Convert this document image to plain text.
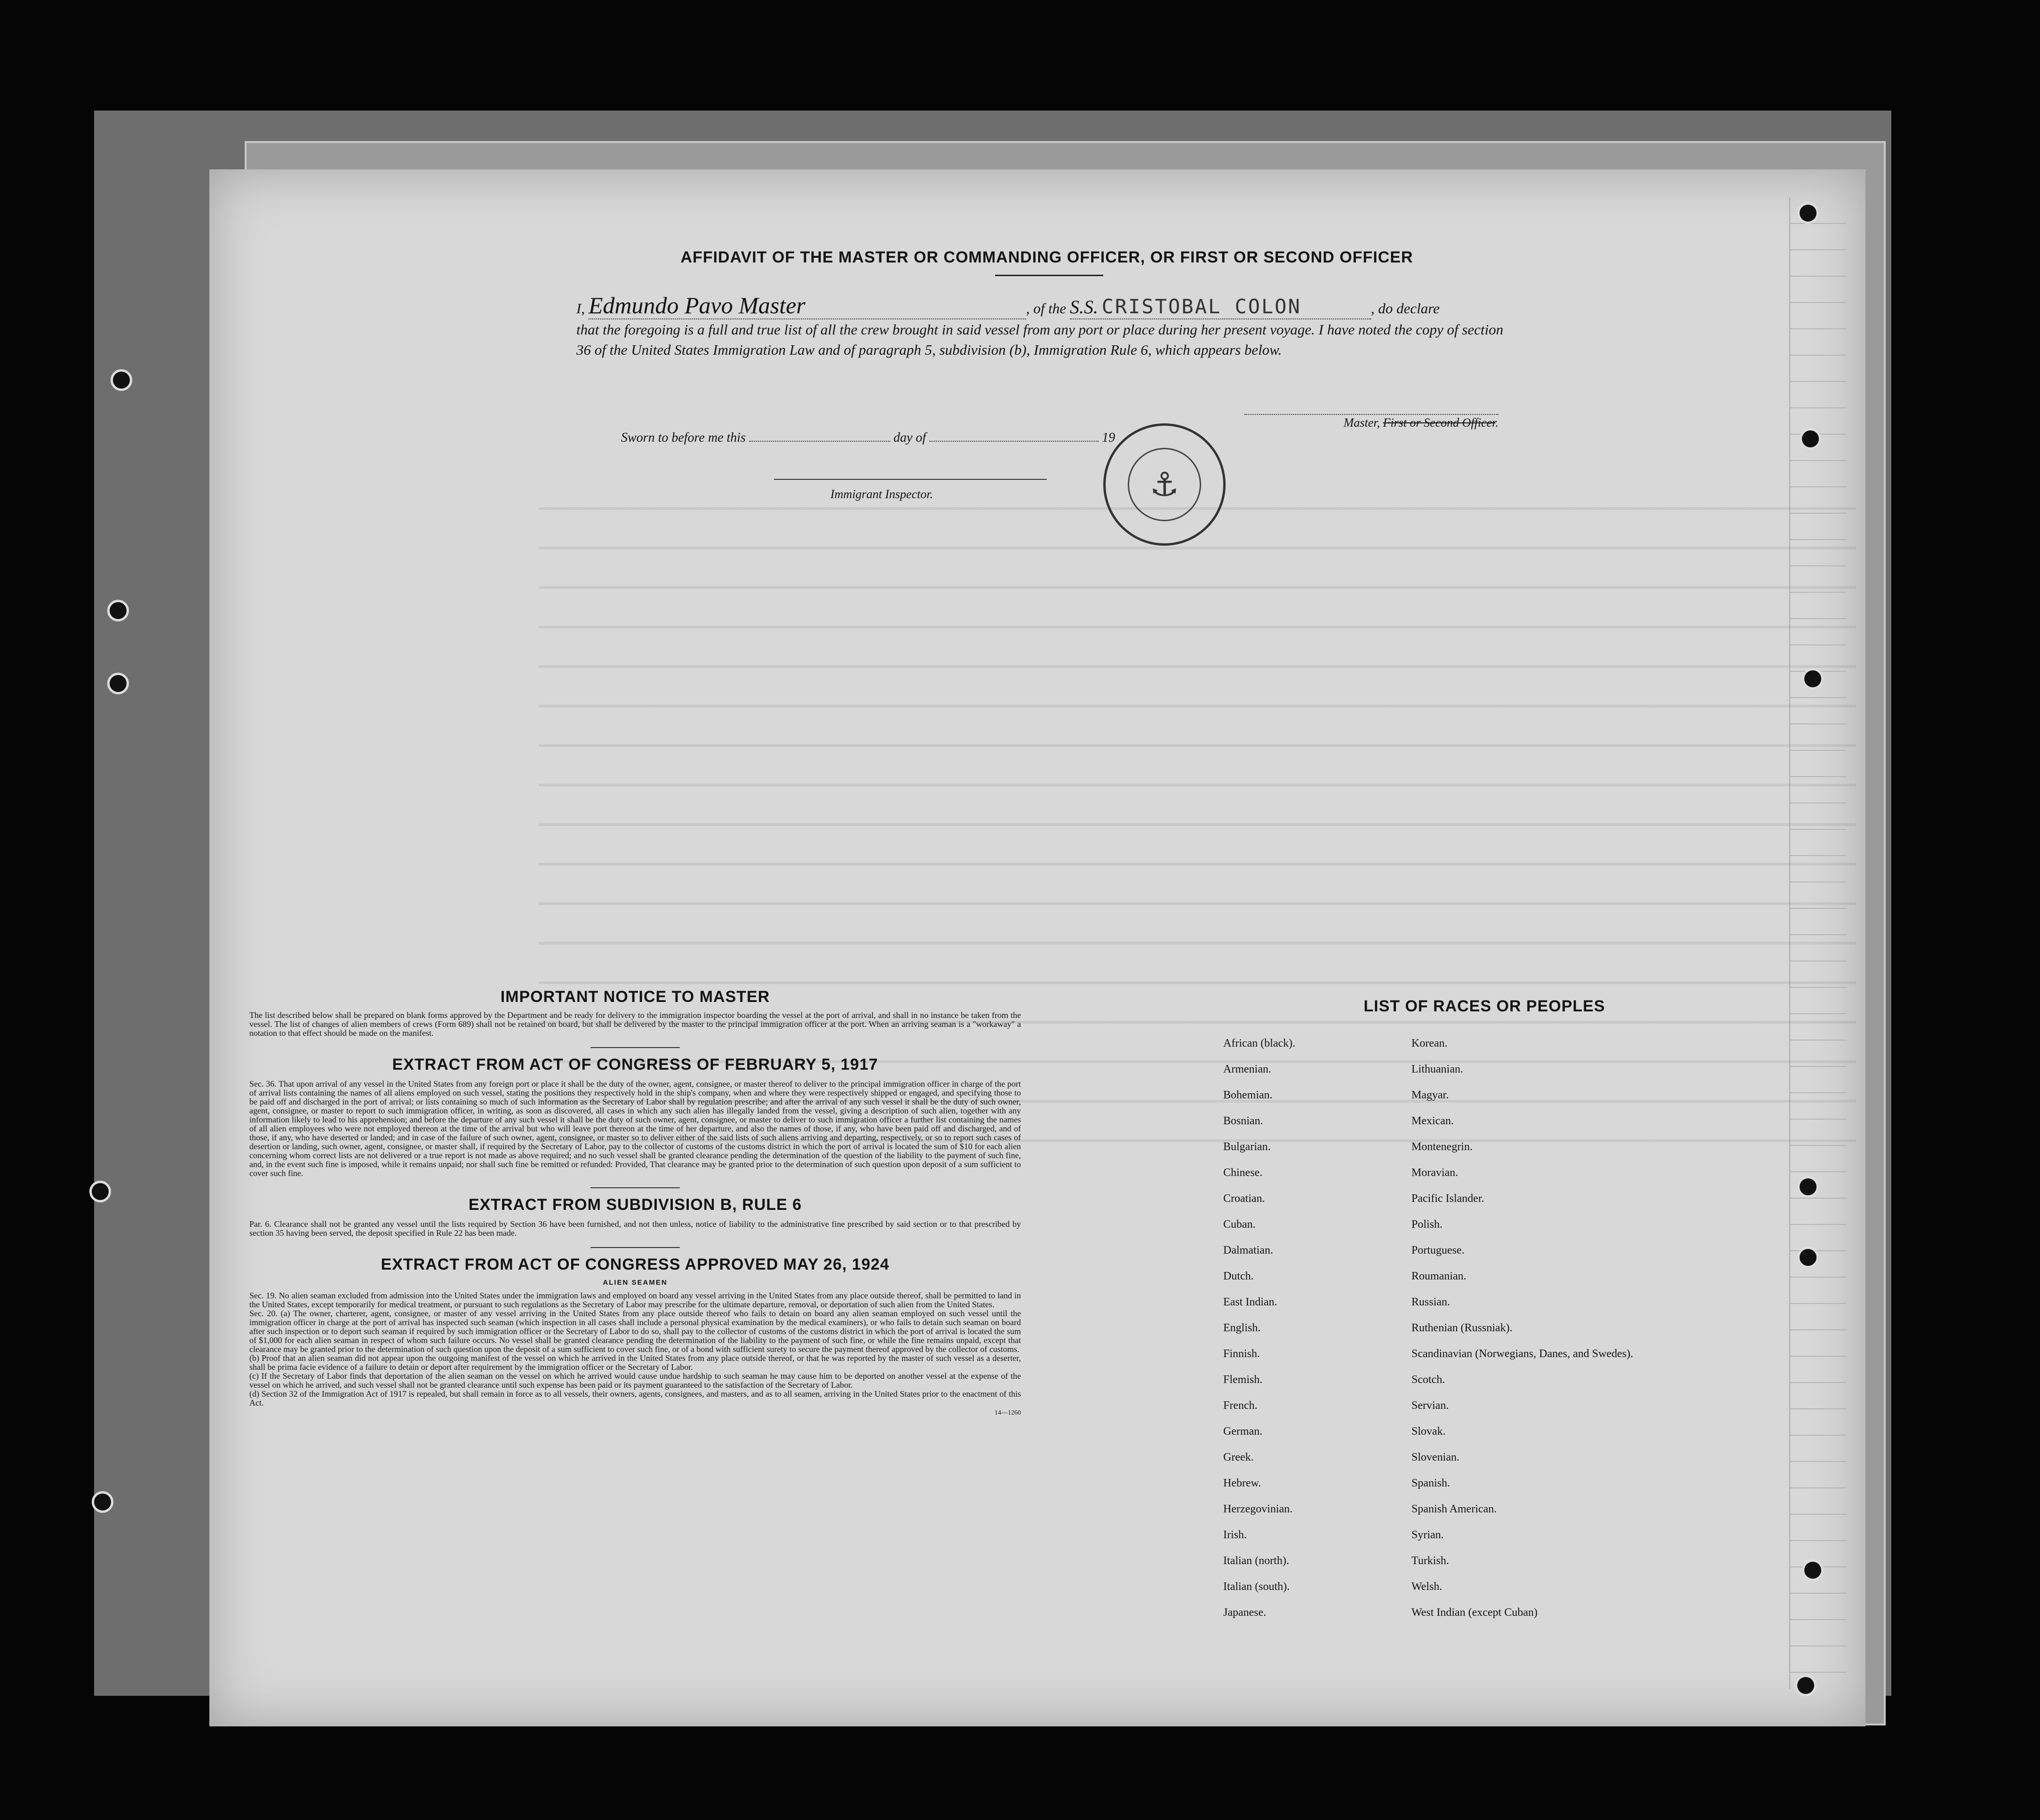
AFFIDAVIT OF THE MASTER OR COMMANDING OFFICER, OR FIRST OR SECOND OFFICER
I, Edmundo Pavo Master	, of the S.S. CRISTOBAL COLON	, do declare
that the foregoing is a full and true list of all the crew brought in said vessel from any port or place during her present voyage. I have noted the copy of section 36 of the United States Immigration Law and of paragraph 5, subdivision (b), Immigration Rule 6, which appears below.
Master, First or Second Officer.
Sworn to before me this	day of	19
⚓
Immigrant Inspector.
IMPORTANT NOTICE TO MASTER

The list described below shall be prepared on blank forms approved by the Department and be ready for delivery to the immigration inspector boarding the vessel at the port of arrival, and shall in no instance be taken from the vessel. The list of changes of alien members of crews (Form 689) shall not be retained on board, but shall be delivered by the master to the principal immigration officer at the port. When an arriving seaman is a "workaway" a notation to that effect should be made on the manifest.

EXTRACT FROM ACT OF CONGRESS OF FEBRUARY 5, 1917

Sec. 36. That upon arrival of any vessel in the United States from any foreign port or place it shall be the duty of the owner, agent, consignee, or master thereof to deliver to the principal immigration officer in charge of the port of arrival lists containing the names of all aliens employed on such vessel, stating the positions they respectively hold in the ship's company, when and where they were respectively shipped or engaged, and specifying those to be paid off and discharged in the port of arrival; or lists containing so much of such information as the Secretary of Labor shall by regulation prescribe; and after the arrival of any such vessel it shall be the duty of such owner, agent, consignee, or master to report to such immigration officer, in writing, as soon as discovered, all cases in which any such alien has illegally landed from the vessel, giving a description of such alien, together with any information likely to lead to his apprehension; and before the departure of any such vessel it shall be the duty of such owner, agent, consignee, or master to deliver to such immigration officer a further list containing the names of all alien employees who were not employed thereon at the time of the arrival but who will leave port thereon at the time of her departure, and also the names of those, if any, who have been paid off and discharged, and of those, if any, who have deserted or landed; and in case of the failure of such owner, agent, consignee, or master so to deliver either of the said lists of such aliens arriving and departing, respectively, or so to report such cases of desertion or landing, such owner, agent, consignee, or master shall, if required by the Secretary of Labor, pay to the collector of customs of the customs district in which the port of arrival is located the sum of $10 for each alien concerning whom correct lists are not delivered or a true report is not made as above required; and no such vessel shall be granted clearance pending the determination of the question of the liability to the payment of such fine, and, in the event such fine is imposed, while it remains unpaid; nor shall such fine be remitted or refunded: Provided, That clearance may be granted prior to the determination of such question upon deposit of a sum sufficient to cover such fine.

EXTRACT FROM SUBDIVISION B, RULE 6

Par. 6. Clearance shall not be granted any vessel until the lists required by Section 36 have been furnished, and not then unless, notice of liability to the administrative fine prescribed by said section or to that prescribed by section 35 having been served, the deposit specified in Rule 22 has been made.

EXTRACT FROM ACT OF CONGRESS APPROVED MAY 26, 1924
ALIEN SEAMEN

Sec. 19. No alien seaman excluded from admission into the United States under the immigration laws and employed on board any vessel arriving in the United States from any place outside thereof, shall be permitted to land in the United States, except temporarily for medical treatment, or pursuant to such regulations as the Secretary of Labor may prescribe for the ultimate departure, removal, or deportation of such alien from the United States.

Sec. 20. (a) The owner, charterer, agent, consignee, or master of any vessel arriving in the United States from any place outside thereof who fails to detain on board any alien seaman employed on such vessel until the immigration officer in charge at the port of arrival has inspected such seaman (which inspection in all cases shall include a personal physical examination by the medical examiners), or who fails to detain such seaman on board after such inspection or to deport such seaman if required by such immigration officer or the Secretary of Labor to do so, shall pay to the collector of customs of the customs district in which the port of arrival is located the sum of $1,000 for each alien seaman in respect of whom such failure occurs. No vessel shall be granted clearance pending the determination of the liability to the payment of such fine, or while the fine remains unpaid, except that clearance may be granted prior to the determination of such question upon the deposit of a sum sufficient to cover such fine, or of a bond with sufficient surety to secure the payment thereof approved by the collector of customs.

(b) Proof that an alien seaman did not appear upon the outgoing manifest of the vessel on which he arrived in the United States from any place outside thereof, or that he was reported by the master of such vessel as a deserter, shall be prima facie evidence of a failure to detain or deport after requirement by the immigration officer or the Secretary of Labor.

(c) If the Secretary of Labor finds that deportation of the alien seaman on the vessel on which he arrived would cause undue hardship to such seaman he may cause him to be deported on another vessel at the expense of the vessel on which he arrived, and such vessel shall not be granted clearance until such expense has been paid or its payment guaranteed to the satisfaction of the Secretary of Labor.

(d) Section 32 of the Immigration Act of 1917 is repealed, but shall remain in force as to all vessels, their owners, agents, consignees, and masters, and as to all seamen, arriving in the United States prior to the enactment of this Act.

14—1260
LIST OF RACES OR PEOPLES
African (black).	Korean.
Armenian.	Lithuanian.
Bohemian.	Magyar.
Bosnian.	Mexican.
Bulgarian.	Montenegrin.
Chinese.	Moravian.
Croatian.	Pacific Islander.
Cuban.	Polish.
Dalmatian.	Portuguese.
Dutch.	Roumanian.
East Indian.	Russian.
English.	Ruthenian (Russniak).
Finnish.	Scandinavian (Norwegians, Danes, and Swedes).
Flemish.	Scotch.
French.	Servian.
German.	Slovak.
Greek.	Slovenian.
Hebrew.	Spanish.
Herzegovinian.	Spanish American.
Irish.	Syrian.
Italian (north).	Turkish.
Italian (south).	Welsh.
Japanese.	West Indian (except Cuban)
